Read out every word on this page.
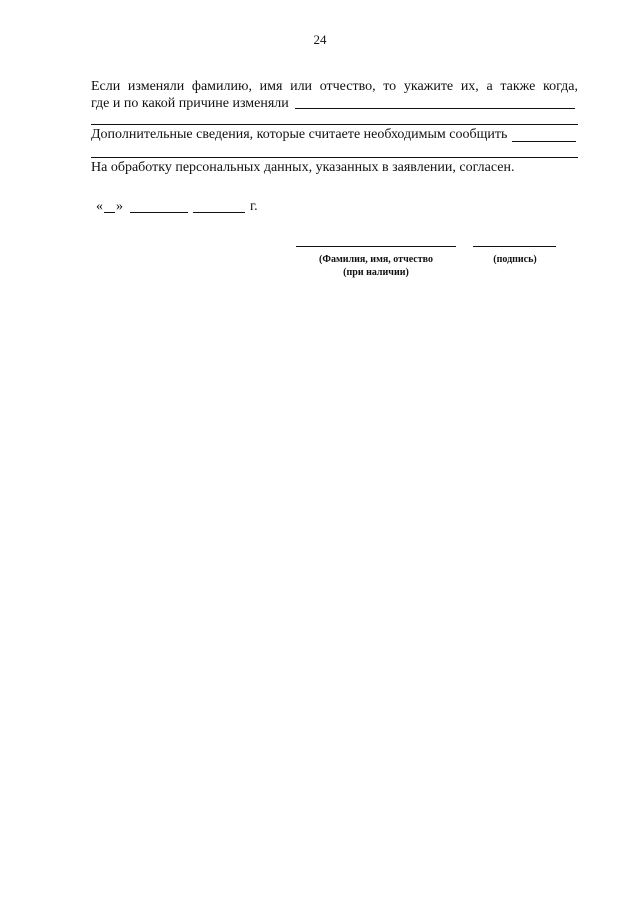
24
Если изменяли фамилию, имя или отчество, то укажите их, а также когда,
где и по какой причине изменяли
Дополнительные сведения, которые считаете необходимым сообщить
На обработку персональных данных, указанных в заявлении, согласен.
« »	г.
(Фамилия, имя, отчество
(при наличии)
(подпись)
